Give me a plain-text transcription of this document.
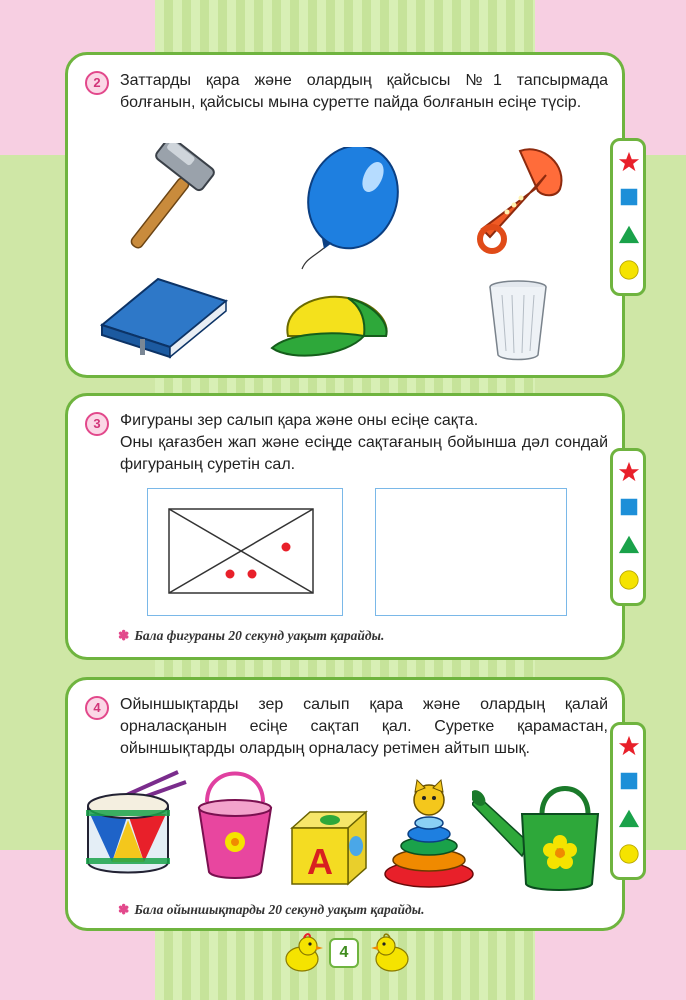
2	Заттарды қара және олардың қайсысы №1 тапсырмада болғанын, қайсысы мына суретте пайда болғанын есіңе түсір.
3	Фигураны зер салып қара және оны есіңе сақта.
Оны қағазбен жап және есіңде сақтағаның бойынша дәл сондай фигураның суретін сал.
✽ Бала фигураны 20 секунд уақыт қарайды.
4	Ойыншықтарды зер салып қара және олардың қалай орналасқанын есіңе сақтап қал. Суретке қарамастан, ойыншықтарды олардың орналасу ретімен айтып шық.
A
✽ Бала ойыншықтарды 20 секунд уақыт қарайды.
4
